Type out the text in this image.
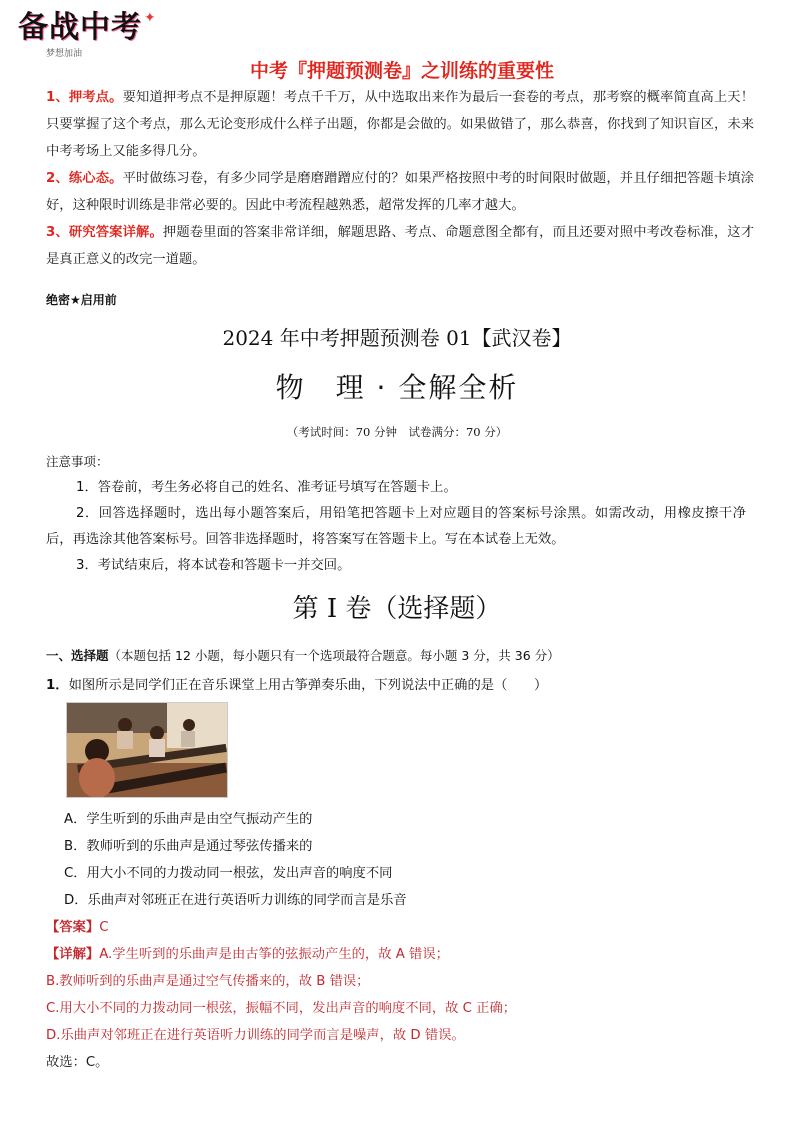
备战中考
梦想加油
✦
中考『押题预测卷』之训练的重要性

1、押考点。要知道押考点不是押原题！考点千千万，从中选取出来作为最后一套卷的考点，那考察的概率简直高上天！只要掌握了这个考点，那么无论变形成什么样子出题，你都是会做的。如果做错了，那么恭喜，你找到了知识盲区，未来中考考场上又能多得几分。

2、练心态。平时做练习卷，有多少同学是磨磨蹭蹭应付的？如果严格按照中考的时间限时做题，并且仔细把答题卡填涂好，这种限时训练是非常必要的。因此中考流程越熟悉，超常发挥的几率才越大。

3、研究答案详解。押题卷里面的答案非常详细，解题思路、考点、命题意图全都有，而且还要对照中考改卷标准，这才是真正意义的改完一道题。

绝密★启用前
2024 年中考押题预测卷 01【武汉卷】
物　理 · 全解全析
（考试时间：70 分钟　试卷满分：70 分）
注意事项：

1．答卷前，考生务必将自己的姓名、准考证号填写在答题卡上。

2．回答选择题时，选出每小题答案后，用铅笔把答题卡上对应题目的答案标号涂黑。如需改动，用橡皮擦干净后，再选涂其他答案标号。回答非选择题时，将答案写在答题卡上。写在本试卷上无效。

3．考试结束后，将本试卷和答题卡一并交回。

第 I 卷（选择题）
一、选择题（本题包括 12 小题，每小题只有一个选项最符合题意。每小题 3 分，共 36 分）
1．如图所示是同学们正在音乐课堂上用古筝弹奏乐曲，下列说法中正确的是（　　）
A．学生听到的乐曲声是由空气振动产生的
B．教师听到的乐曲声是通过琴弦传播来的
C．用大小不同的力拨动同一根弦，发出声音的响度不同
D．乐曲声对邻班正在进行英语听力训练的同学而言是乐音

【答案】C

【详解】A.学生听到的乐曲声是由古筝的弦振动产生的，故 A 错误；

B.教师听到的乐曲声是通过空气传播来的，故 B 错误；

C.用大小不同的力拨动同一根弦，振幅不同，发出声音的响度不同，故 C 正确；

D.乐曲声对邻班正在进行英语听力训练的同学而言是噪声，故 D 错误。

故选：C。
